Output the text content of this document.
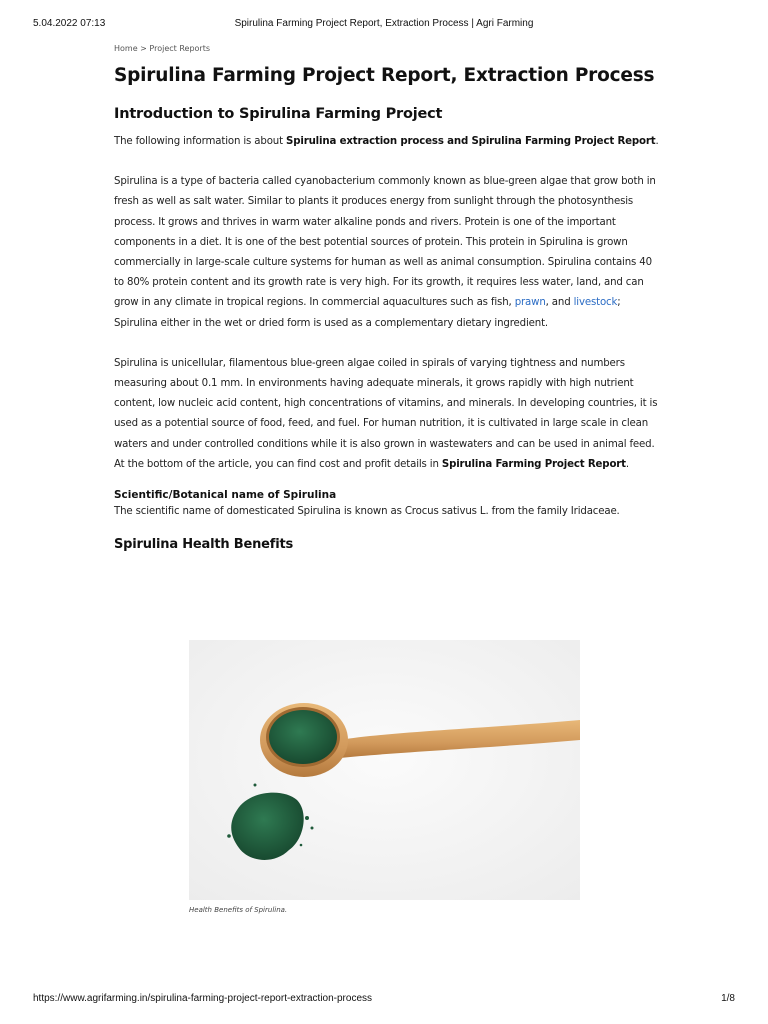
5.04.2022 07:13	Spirulina Farming Project Report, Extraction Process | Agri Farming
Home > Project Reports
Spirulina Farming Project Report, Extraction Process
Introduction to Spirulina Farming Project

The following information is about Spirulina extraction process and Spirulina Farming Project Report.

Spirulina is a type of bacteria called cyanobacterium commonly known as blue-green algae that grow both in fresh as well as salt water. Similar to plants it produces energy from sunlight through the photosynthesis process. It grows and thrives in warm water alkaline ponds and rivers. Protein is one of the important components in a diet. It is one of the best potential sources of protein. This protein in Spirulina is grown commercially in large-scale culture systems for human as well as animal consumption. Spirulina contains 40 to 80% protein content and its growth rate is very high. For its growth, it requires less water, land, and can grow in any climate in tropical regions. In commercial aquacultures such as fish, prawn, and livestock; Spirulina either in the wet or dried form is used as a complementary dietary ingredient.

Spirulina is unicellular, filamentous blue-green algae coiled in spirals of varying tightness and numbers measuring about 0.1 mm. In environments having adequate minerals, it grows rapidly with high nutrient content, low nucleic acid content, high concentrations of vitamins, and minerals. In developing countries, it is used as a potential source of food, feed, and fuel. For human nutrition, it is cultivated in large scale in clean waters and under controlled conditions while it is also grown in wastewaters and can be used in animal feed. At the bottom of the article, you can find cost and profit details in Spirulina Farming Project Report.

Scientific/Botanical name of Spirulina

The scientific name of domesticated Spirulina is known as Crocus sativus L. from the family Iridaceae.

Spirulina Health Benefits
Health Benefits of Spirulina.
https://www.agrifarming.in/spirulina-farming-project-report-extraction-process	1/8
